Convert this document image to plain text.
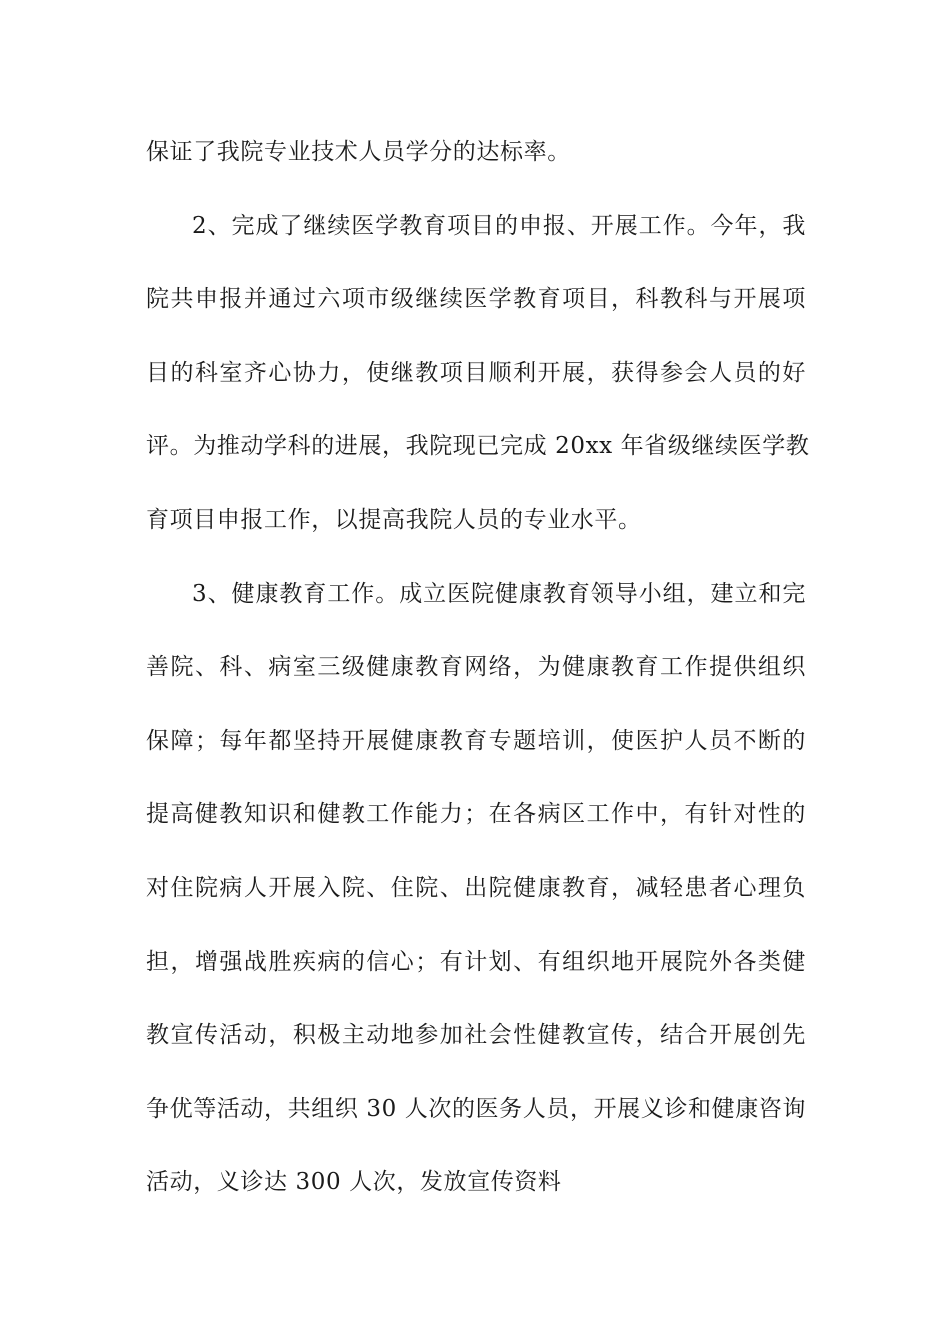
保证了我院专业技术人员学分的达标率。
2、完成了继续医学教育项目的申报、开展工作。今年，我
院共申报并通过六项市级继续医学教育项目，科教科与开展项
目的科室齐心协力，使继教项目顺利开展，获得参会人员的好
评。为推动学科的进展，我院现已完成 20xx 年省级继续医学教
育项目申报工作，以提高我院人员的专业水平。
3、健康教育工作。成立医院健康教育领导小组，建立和完
善院、科、病室三级健康教育网络，为健康教育工作提供组织
保障；每年都坚持开展健康教育专题培训，使医护人员不断的
提高健教知识和健教工作能力；在各病区工作中，有针对性的
对住院病人开展入院、住院、出院健康教育，减轻患者心理负
担，增强战胜疾病的信心；有计划、有组织地开展院外各类健
教宣传活动，积极主动地参加社会性健教宣传，结合开展创先
争优等活动，共组织 30 人次的医务人员，开展义诊和健康咨询
活动，义诊达 300 人次，发放宣传资料
